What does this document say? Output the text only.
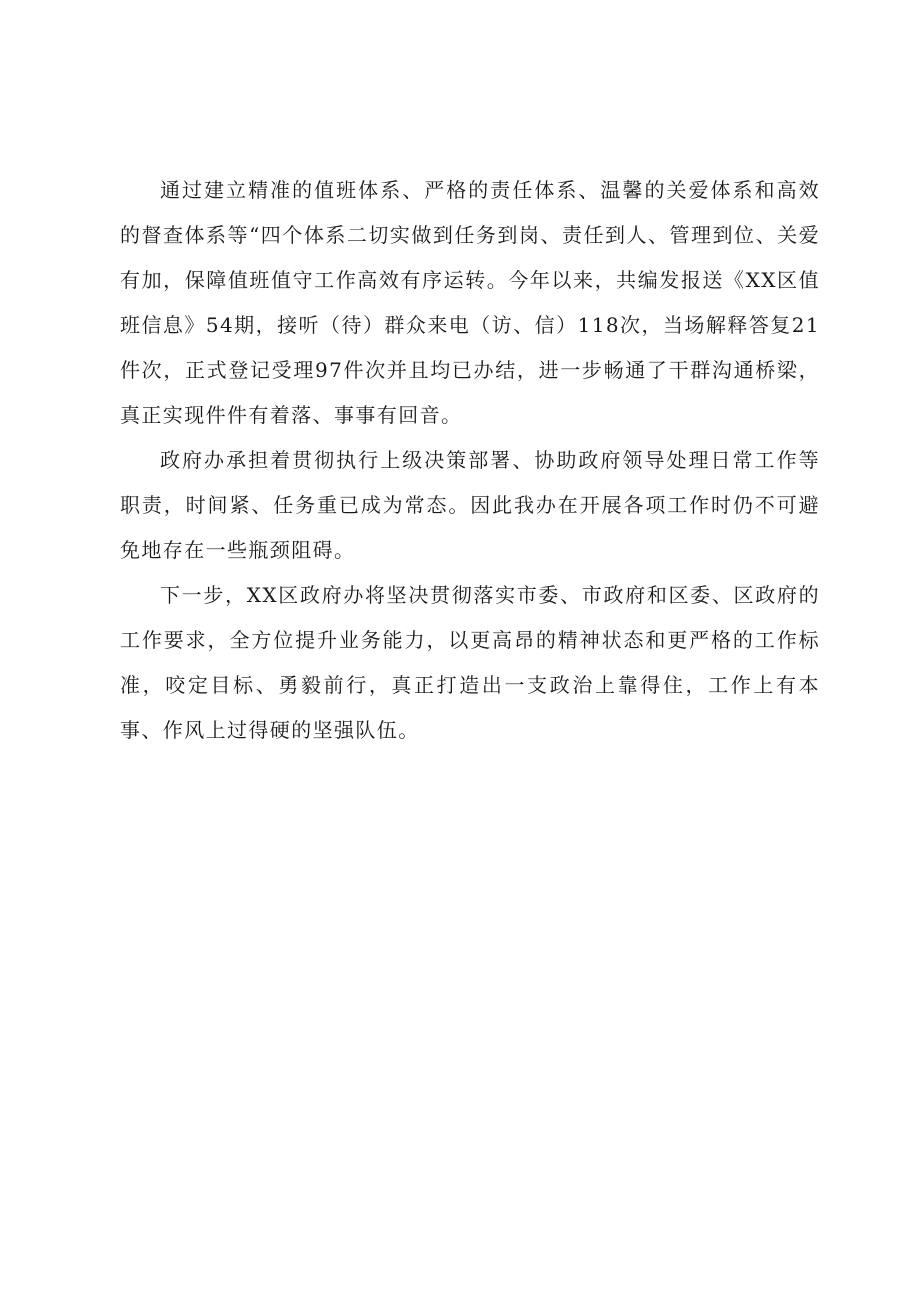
通过建立精准的值班体系、严格的责任体系、温馨的关爱体系和高效的督查体系等“四个体系二切实做到任务到岗、责任到人、管理到位、关爱有加，保障值班值守工作高效有序运转。今年以来，共编发报送《XX区值班信息》54期，接听（待）群众来电（访、信）118次，当场解释答复21件次，正式登记受理97件次并且均已办结，进一步畅通了干群沟通桥梁，真正实现件件有着落、事事有回音。

政府办承担着贯彻执行上级决策部署、协助政府领导处理日常工作等职责，时间紧、任务重已成为常态。因此我办在开展各项工作时仍不可避免地存在一些瓶颈阻碍。

下一步，XX区政府办将坚决贯彻落实市委、市政府和区委、区政府的工作要求，全方位提升业务能力，以更高昂的精神状态和更严格的工作标准，咬定目标、勇毅前行，真正打造出一支政治上靠得住，工作上有本事、作风上过得硬的坚强队伍。
